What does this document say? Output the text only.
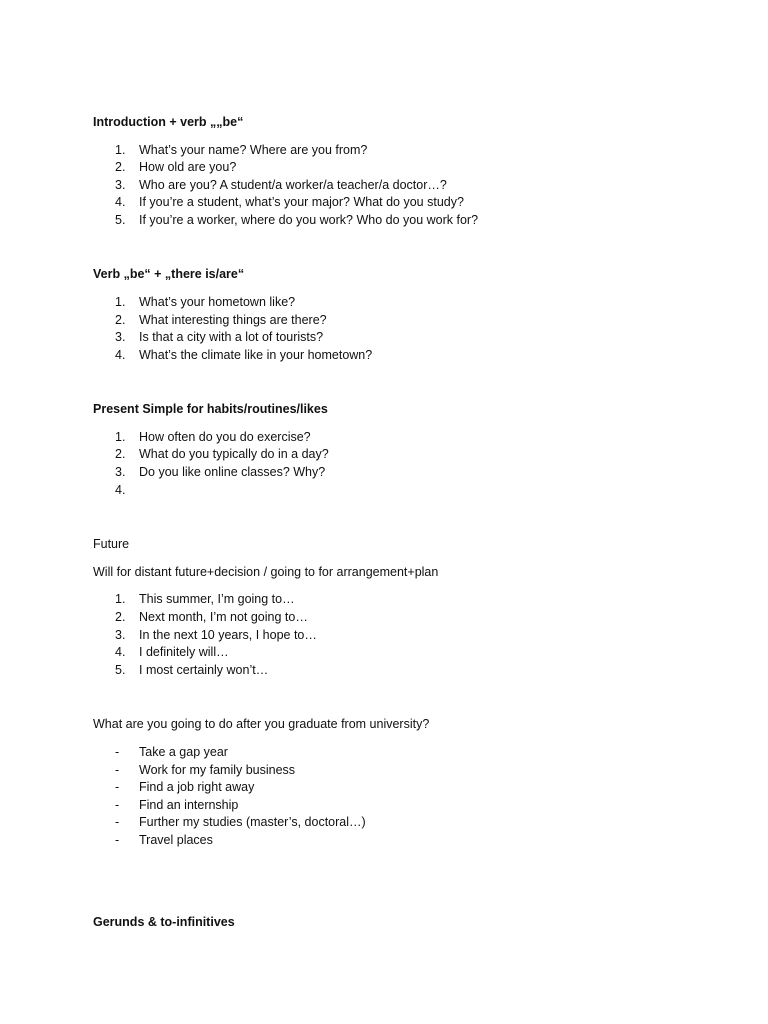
Introduction + verb „„be“
1. What’s your name? Where are you from?
2. How old are you?
3. Who are you? A student/a worker/a teacher/a doctor…?
4. If you’re a student, what’s your major? What do you study?
5. If you’re a worker, where do you work? Who do you work for?
Verb „be“ + „there is/are“
1. What’s your hometown like?
2. What interesting things are there?
3. Is that a city with a lot of tourists?
4. What’s the climate like in your hometown?
Present Simple for habits/routines/likes
1. How often do you do exercise?
2. What do you typically do in a day?
3. Do you like online classes? Why?
4.
Future
Will for distant future+decision / going to for arrangement+plan
1. This summer, I’m going to…
2. Next month, I’m not going to…
3. In the next 10 years, I hope to…
4. I definitely will…
5. I most certainly won’t…
What are you going to do after you graduate from university?
- Take a gap year
- Work for my family business
- Find a job right away
- Find an internship
- Further my studies (master’s, doctoral…)
- Travel places
Gerunds & to-infinitives
